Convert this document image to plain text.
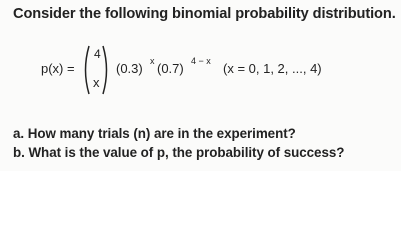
Consider the following binomial probability distribution.
p(x) =
4
x
(0.3) x (0.7) 4 − x (x = 0, 1, 2, ..., 4)
a. How many trials (n) are in the experiment?
b. What is the value of p, the probability of success?
